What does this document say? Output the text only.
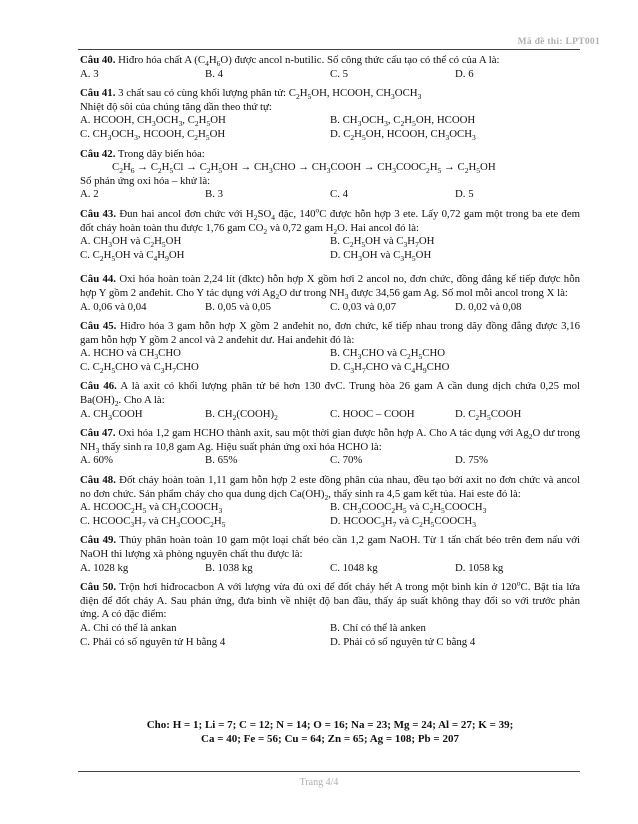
Mã đề thi: LPT001
Câu 40. Hiđro hóa chất A $(C_4H_6O)$ được ancol n-butilic. Số công thức cấu tạo có thể có của A là:
A. 3	B. 4	C. 5	D. 6
Câu 41. 3 chất sau có cùng khối lượng phân tử: $C_2H_5OH$, HCOOH, $CH_3OCH_3$
Nhiệt độ sôi của chúng tăng dần theo thứ tự:
A. HCOOH, $CH_3OCH_3$, $C_2H_5OH$	B. $CH_3OCH_3$, $C_2H_5OH$, HCOOH
C. $CH_3OCH_3$, HCOOH, $C_2H_5OH$	D. $C_2H_5OH$, HCOOH, $CH_3OCH_3$
Câu 42. Trong dãy biến hóa:
$C_2H_6 \to C_2H_5Cl \to C_2H_5OH \to CH_3CHO$ → $CH_3COOH$ → $CH_3COOC_2H_5 \to C_2H_5OH$
Số phản ứng oxi hóa – khử là:
A. 2	B. 3	C. 4	D. 5
Câu 43. Đun hai ancol đơn chức với $H_2SO_4$ đặc, 140$^o$C được hỗn hợp 3 ete. Lấy 0,72 gam một trong ba ete đem đốt cháy hoàn toàn thu được 1,76 gam $CO_2$ và 0,72 gam $H_2O$. Hai ancol đó là:
A. $CH_3OH$ và $C_2H_5OH$	B. $C_2H_5OH$ và $C_3H_7OH$
C. $C_2H_5OH$ và $C_4H_9OH$	D. $CH_3OH$ và $C_3H_5OH$
Câu 44. Oxi hóa hoàn toàn 2,24 lít (đktc) hỗn hợp X gồm hơi 2 ancol no, đơn chức, đồng đẳng kế tiếp được hỗn hợp Y gồm 2 anđehit. Cho Y tác dụng với $Ag_2O$ dư trong $NH_3$ được 34,56 gam Ag. Số mol mỗi ancol trong X là:
A. 0,06 và 0,04	B. 0,05 và 0,05	C. 0,03 và 0,07	D. 0,02 và 0,08
Câu 45. Hiđro hóa 3 gam hỗn hợp X gồm 2 anđehit no, đơn chức, kế tiếp nhau trong dãy đồng đẳng được 3,16 gam hỗn hợp Y gồm 2 ancol và 2 anđehit dư. Hai anđehit đó là:
A. HCHO và $CH_3CHO$	B. $CH_3CHO$ và $C_2H_5CHO$
C. $C_2H_5CHO$ và $C_3H_7CHO$	D. $C_3H_7CHO$ và $C_4H_9CHO$
Câu 46. A là axit có khối lượng phân tử bé hơn 130 đvC. Trung hòa 26 gam A cần dung dịch chứa 0,25 mol $Ba(OH)_2$. Cho A là:
A. $CH_3COOH$	B. $CH_2(COOH)_2$	C. HOOC – COOH	D. $C_2H_5COOH$
Câu 47. Oxi hóa 1,2 gam HCHO thành axit, sau một thời gian được hỗn hợp A. Cho A tác dụng với $Ag_2O$ dư trong $NH_3$ thấy sinh ra 10,8 gam Ag. Hiệu suất phản ứng oxi hóa HCHO là:
A. 60%	B. 65%	C. 70%	D. 75%
Câu 48. Đốt cháy hoàn toàn 1,11 gam hỗn hợp 2 este đồng phân của nhau, đều tạo bởi axit no đơn chức và ancol no đơn chức. Sản phẩm cháy cho qua dung dịch $Ca(OH)_2$, thấy sinh ra 4,5 gam kết tủa. Hai este đó là:
A. $HCOOC_2H_5$ và $CH_3COOCH_3$	B. $CH_3COOC_2H_5$ và $C_2H_5COOCH_3$
C. $HCOOC_3H_7$ và $CH_3COOC_2H_5$	D. $HCOOC_3H_7$ và $C_2H_5COOCH_3$
Câu 49. Thủy phân hoàn toàn 10 gam một loại chất béo cần 1,2 gam NaOH. Từ 1 tấn chất béo trên đem nấu với NaOH thì lượng xà phòng nguyên chất thu được là:
A. 1028 kg	B. 1038 kg	C. 1048 kg	D. 1058 kg
Câu 50. Trộn hơi hiđrocacbon A với lượng vừa đủ oxi để đốt cháy hết A trong một bình kín ở 120$^o$C. Bật tia lửa điện để đốt cháy A. Sau phản ứng, đưa bình về nhiệt độ ban đầu, thấy áp suất không thay đổi so với trước phản ứng. A có đặc điểm:
A. Chỉ có thể là ankan	B. Chỉ có thể là anken
C. Phải có số nguyên tử H bằng 4	D. Phải có số nguyên tử C bằng 4
Cho: H = 1; Li = 7; C = 12; N = 14; O = 16; Na = 23; Mg = 24; Al = 27; K = 39;
Ca = 40; Fe = 56; Cu = 64; Zn = 65; Ag = 108; Pb = 207
Trang 4/4
